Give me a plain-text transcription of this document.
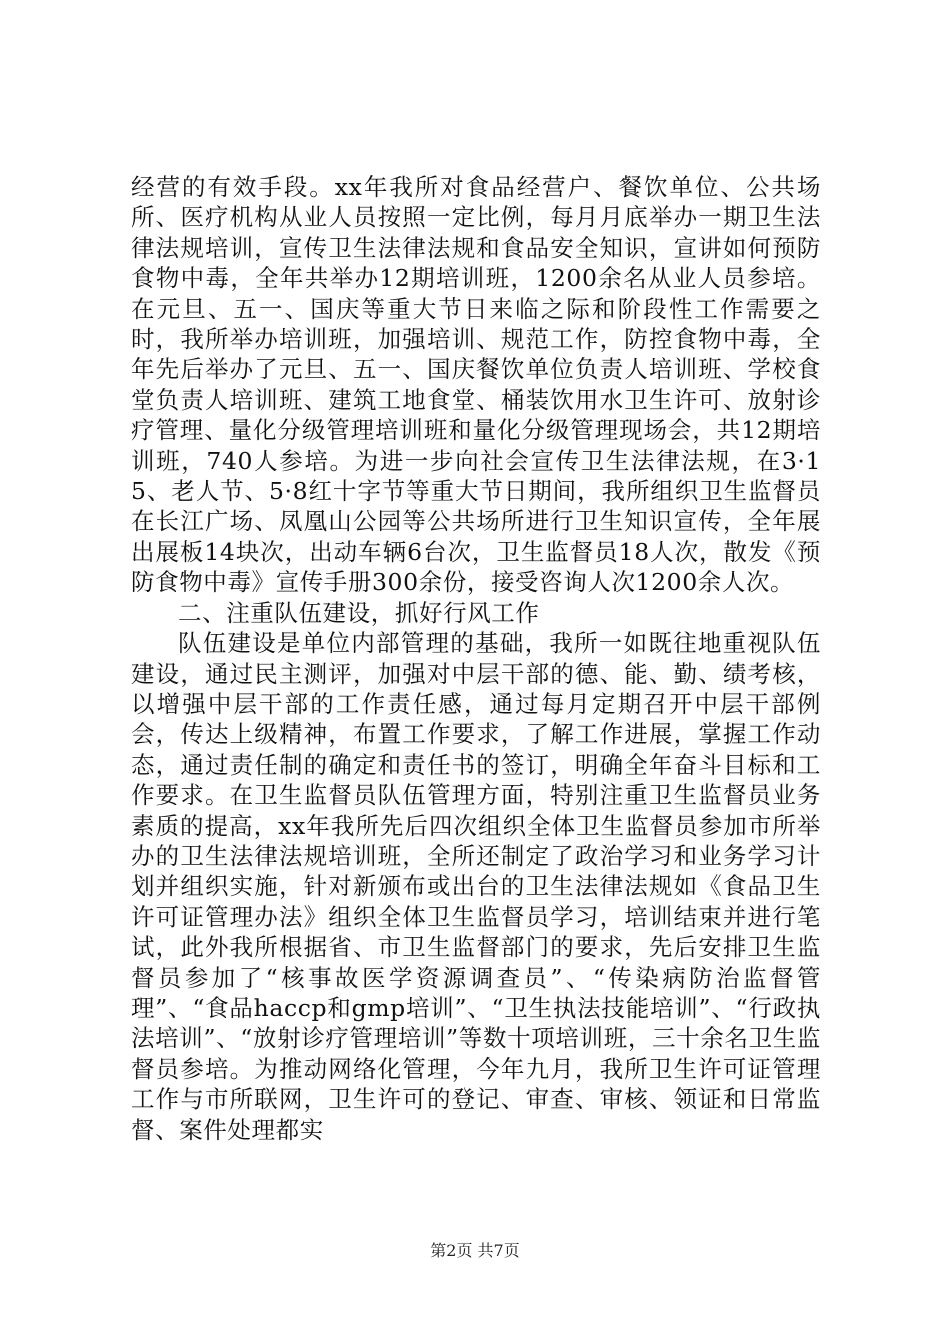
经营的有效手段。xx年我所对食品经营户、餐饮单位、公共场所、医疗机构从业人员按照一定比例，每月月底举办一期卫生法律法规培训，宣传卫生法律法规和食品安全知识，宣讲如何预防食物中毒，全年共举办12期培训班，1200余名从业人员参培。在元旦、五一、国庆等重大节日来临之际和阶段性工作需要之时，我所举办培训班，加强培训、规范工作，防控食物中毒，全年先后举办了元旦、五一、国庆餐饮单位负责人培训班、学校食堂负责人培训班、建筑工地食堂、桶装饮用水卫生许可、放射诊疗管理、量化分级管理培训班和量化分级管理现场会，共12期培训班，740人参培。为进一步向社会宣传卫生法律法规，在3·15、老人节、5·8红十字节等重大节日期间，我所组织卫生监督员在长江广场、凤凰山公园等公共场所进行卫生知识宣传，全年展出展板14块次，出动车辆6台次，卫生监督员18人次，散发《预防食物中毒》宣传手册300余份，接受咨询人次1200余人次。

二、注重队伍建设，抓好行风工作

队伍建设是单位内部管理的基础，我所一如既往地重视队伍建设，通过民主测评，加强对中层干部的德、能、勤、绩考核，以增强中层干部的工作责任感，通过每月定期召开中层干部例会，传达上级精神，布置工作要求，了解工作进展，掌握工作动态，通过责任制的确定和责任书的签订，明确全年奋斗目标和工作要求。在卫生监督员队伍管理方面，特别注重卫生监督员业务素质的提高，xx年我所先后四次组织全体卫生监督员参加市所举办的卫生法律法规培训班，全所还制定了政治学习和业务学习计划并组织实施，针对新颁布或出台的卫生法律法规如《食品卫生许可证管理办法》组织全体卫生监督员学习，培训结束并进行笔试，此外我所根据省、市卫生监督部门的要求，先后安排卫生监督员参加了“核事故医学资源调查员”、“传染病防治监督管理”、“食品haccp和gmp培训”、“卫生执法技能培训”、“行政执法培训”、“放射诊疗管理培训”等数十项培训班，三十余名卫生监督员参培。为推动网络化管理，今年九月，我所卫生许可证管理工作与市所联网，卫生许可的登记、审查、审核、领证和日常监督、案件处理都实

第2页 共7页
